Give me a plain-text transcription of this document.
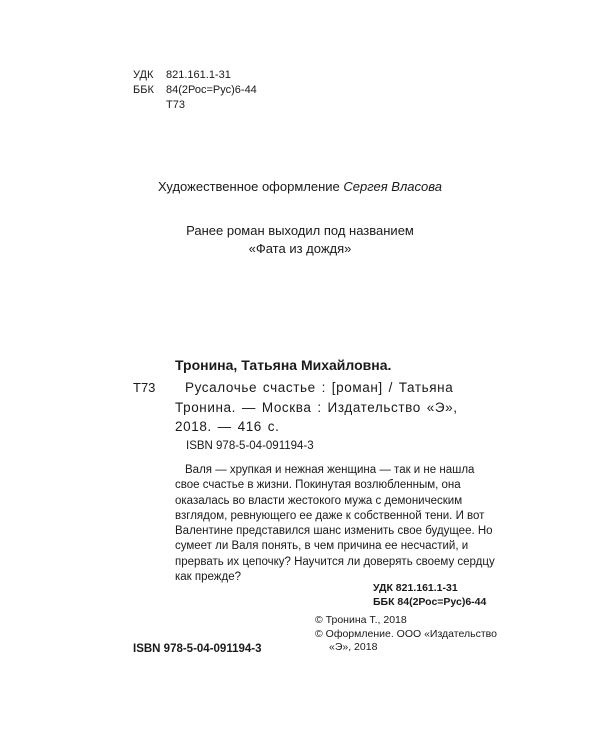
УДК	821.161.1-31
ББК	84(2Рос=Рус)6-44
Т73
Художественное оформление Сергея Власова
Ранее роман выходил под названием
«Фата из дождя»
Тронина, Татьяна Михайловна.
Т73	Русалочье счастье : [роман] / Татьяна Тронина. — Москва : Издательство «Э», 2018. — 416 с.
ISBN 978-5-04-091194-3
Валя — хрупкая и нежная женщина — так и не нашла свое счастье в жизни. Покинутая возлюбленным, она оказалась во власти жестокого мужа с демоническим взглядом, ревнующего ее даже к собственной тени. И вот Валентине представился шанс изменить свое будущее. Но сумеет ли Валя понять, в чем причина ее несчастий, и прервать их цепочку? Научится ли доверять своему сердцу как прежде?
УДК 821.161.1-31
ББК 84(2Рос=Рус)6-44
© Тронина Т., 2018
© Оформление. ООО «Издательство
«Э», 2018
ISBN 978-5-04-091194-3
